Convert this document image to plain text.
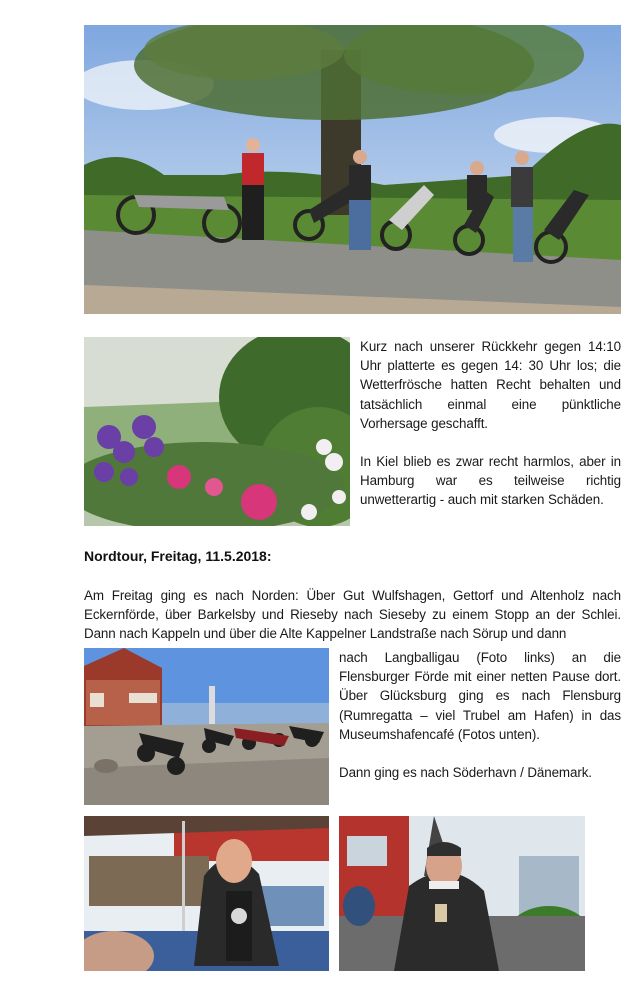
Kurz nach unserer Rückkehr gegen 14:10 Uhr platterte es gegen 14: 30 Uhr los; die Wetterfrösche hatten Recht behalten und tatsächlich einmal eine pünktliche Vorhersage geschafft.

In Kiel blieb es zwar recht harmlos, aber in Hamburg war es teilweise richtig unwetterartig - auch mit starken Schäden.

Nordtour, Freitag, 11.5.2018:

Am Freitag ging es nach Norden: Über Gut Wulfshagen, Gettorf und Altenholz nach Eckernförde, über Barkelsby und Rieseby nach Sieseby zu einem Stopp an der Schlei. Dann nach Kappeln und über die Alte Kappelner Landstraße nach Sörup und dann

nach Langballigau (Foto links) an die Flensburger Förde mit einer netten Pause dort. Über Glücksburg ging es nach Flensburg (Rumregatta – viel Trubel am Hafen) in das Museumshafencafé (Fotos unten).

Dann ging es nach Söderhavn / Dänemark.
